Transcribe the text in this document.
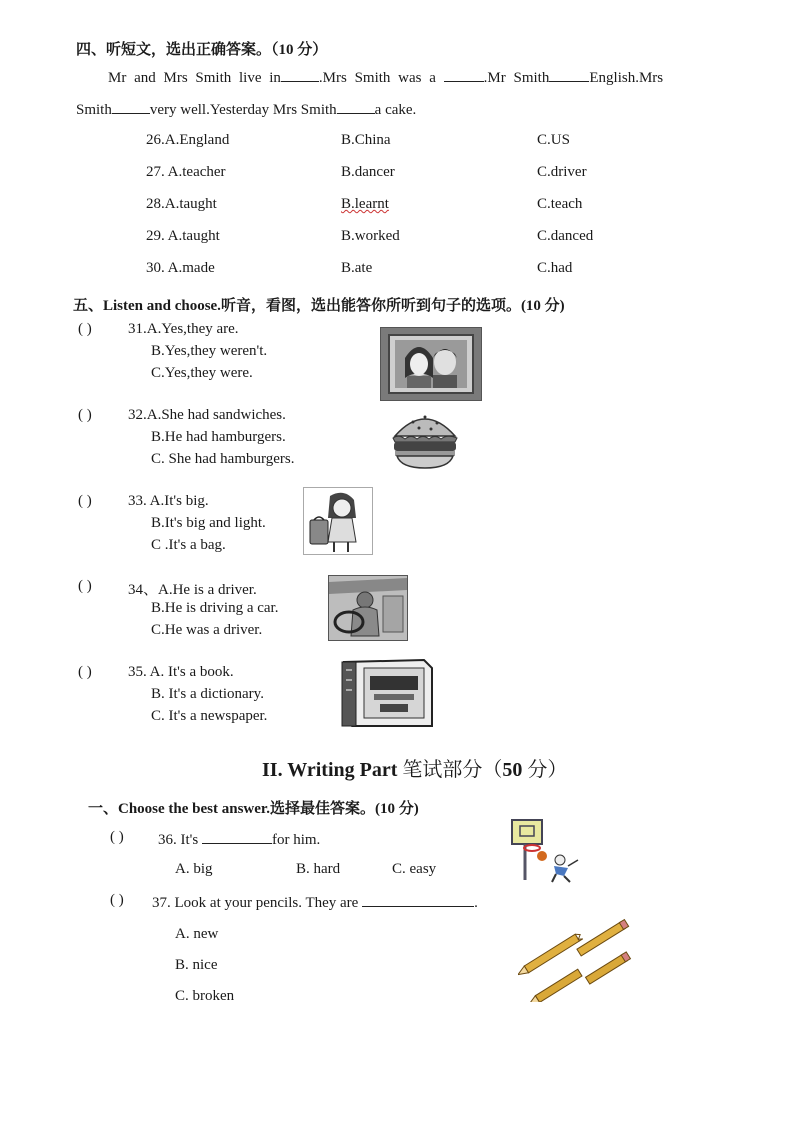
四、听短文，选出正确答案。（10 分）
Mr and Mrs Smith live in	.Mrs Smith was a	.Mr Smith	English.Mrs
Smith	very well.Yesterday Mrs Smith	a cake.
26.A.England	B.China	C.US
27. A.teacher	B.dancer	C.driver
28.A.taught	B.learnt	C.teach
29. A.taught	B.worked	C.danced
30. A.made	B.ate	C.had
五、Listen and choose.听音，看图，选出能答你所听到句子的选项。(10 分)
( ) 31.A.Yes,they are.
B.Yes,they weren't.
C.Yes,they were.
( ) 32.A.She had sandwiches.
B.He had hamburgers.
C. She had hamburgers.
( ) 33. A.It's big.
B.It's big and light.
C .It's a bag.
( ) 34、A.He is a driver.
B.He is driving a car.
C.He was a driver.
( ) 35. A. It's a book.
B. It's a dictionary.
C. It's a newspaper.
II. Writing Part 笔试部分（50 分）
一、Choose the best answer.选择最佳答案。(10 分)
( ) 36. It's	for him.
A. big	B. hard	C. easy
( ) 37. Look at your pencils. They are	.
A. new
B. nice
C. broken
